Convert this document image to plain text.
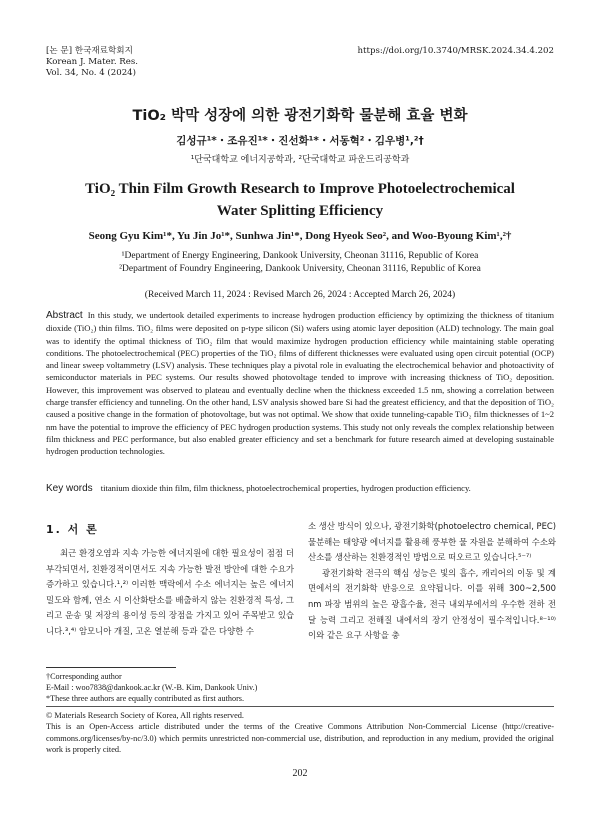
[논 문] 한국재료학회지
Korean J. Mater. Res.
Vol. 34, No. 4 (2024)
https://doi.org/10.3740/MRSK.2024.34.4.202
TiO₂ 박막 성장에 의한 광전기화학 물분해 효율 변화
김성규¹*・조유진¹*・진선화¹*・서동혁²・김우병¹,²†
¹단국대학교 에너지공학과, ²단국대학교 파운드리공학과
TiO₂ Thin Film Growth Research to Improve Photoelectrochemical
Water Splitting Efficiency
Seong Gyu Kim¹*, Yu Jin Jo¹*, Sunhwa Jin¹*, Dong Hyeok Seo², and Woo-Byoung Kim¹,²†
¹Department of Energy Engineering, Dankook University, Cheonan 31116, Republic of Korea
²Department of Foundry Engineering, Dankook University, Cheonan 31116, Republic of Korea
(Received March 11, 2024 : Revised March 26, 2024 : Accepted March 26, 2024)
Abstract In this study, we undertook detailed experiments to increase hydrogen production efficiency by optimizing the thickness of titanium dioxide (TiO₂) thin films. TiO₂ films were deposited on p-type silicon (Si) wafers using atomic layer deposition (ALD) technology. The main goal was to identify the optimal thickness of TiO₂ film that would maximize hydrogen production efficiency while maintaining stable operating conditions. The photoelectrochemical (PEC) properties of the TiO₂ films of different thicknesses were evaluated using open circuit potential (OCP) and linear sweep voltammetry (LSV) analysis. These techniques play a pivotal role in evaluating the electrochemical behavior and photoactivity of semiconductor materials in PEC systems. Our results showed photovoltage tended to improve with increasing thickness of TiO₂ deposition. However, this improvement was observed to plateau and eventually decline when the thickness exceeded 1.5 nm, showing a correlation between charge transfer efficiency and tunneling. On the other hand, LSV analysis showed bare Si had the greatest efficiency, and that the deposition of TiO₂ caused a positive change in the formation of photovoltage, but was not optimal. We show that oxide tunneling-capable TiO₂ film thicknesses of 1~2 nm have the potential to improve the efficiency of PEC hydrogen production systems. This study not only reveals the complex relationship between film thickness and PEC performance, but also enabled greater efficiency and set a benchmark for future research aimed at developing sustainable hydrogen production technologies.
Key words titanium dioxide thin film, film thickness, photoelectrochemical properties, hydrogen production efficiency.
1. 서 론

최근 환경오염과 지속 가능한 에너지원에 대한 필요성이 점점 더 부각되면서, 친환경적이면서도 지속 가능한 발전 방안에 대한 수요가 증가하고 있습니다.¹,²⁾ 이러한 맥락에서 수소 에너지는 높은 에너지 밀도와 함께, 연소 시 이산화탄소를 배출하지 않는 친환경적 특성, 그리고 운송 및 저장의 용이성 등의 장점을 가지고 있어 주목받고 있습니다.³,⁴⁾ 암모니아 개질, 고온 열분해 등과 같은 다양한 수

소 생산 방식이 있으나, 광전기화학(photoelectro chemical, PEC) 물분해는 태양광 에너지를 활용해 풍부한 물 자원을 분해하여 수소와 산소를 생산하는 친환경적인 방법으로 떠오르고 있습니다.⁵⁻⁷⁾

광전기화학 전극의 핵심 성능은 빛의 흡수, 캐리어의 이동 및 계면에서의 전기화학 반응으로 요약됩니다. 이를 위해 300~2,500 nm 파장 범위의 높은 광흡수율, 전극 내외부에서의 우수한 전하 전달 능력 그리고 전해질 내에서의 장기 안정성이 필수적입니다.⁸⁻¹⁰⁾ 이와 같은 요구 사항을 충

†Corresponding author
E-Mail : woo7838@dankook.ac.kr (W.-B. Kim, Dankook Univ.)
*These three authors are equally contributed as first authors.
© Materials Research Society of Korea, All rights reserved.
This is an Open-Access article distributed under the terms of the Creative Commons Attribution Non-Commercial License (http://creative-commons.org/licenses/by-nc/3.0) which permits unrestricted non-commercial use, distribution, and reproduction in any medium, provided the original work is properly cited.
202
